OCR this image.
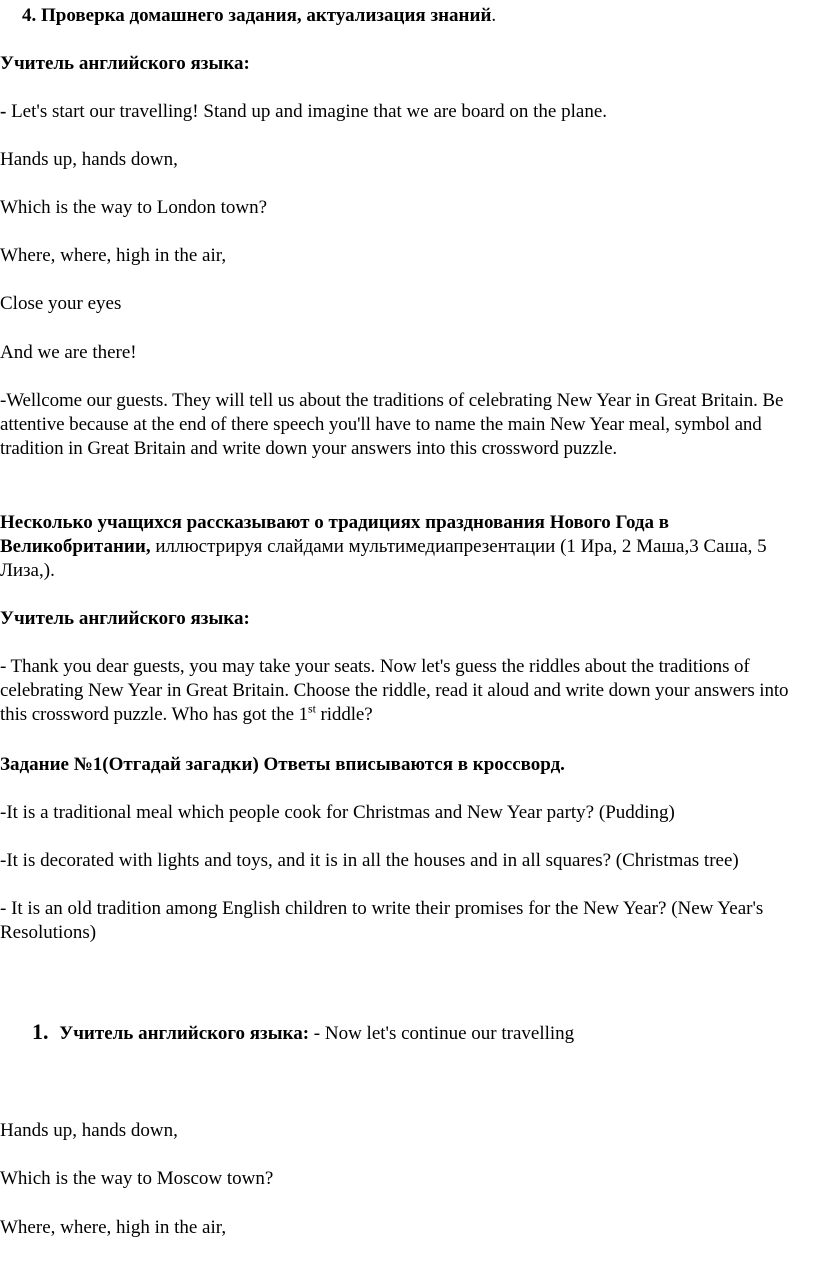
4. Проверка домашнего задания, актуализация знаний.

Учитель английского языка:

- Let's start our travelling! Stand up and imagine that we are board on the plane.

Hands up, hands down,

Which is the way to London town?

Where, where, high in the air,

Close your eyes

And we are there!

-Wellcome our guests. They will tell us about the traditions of celebrating New Year in Great Britain. Be attentive because at the end of there speech you'll have to name the main New Year meal, symbol and tradition in Great Britain and write down your answers into this crossword puzzle.

Несколько учащихся рассказывают о традициях празднования Нового Года в Великобритании, иллюстрируя слайдами мультимедиапрезентации (1 Ира, 2 Маша,3 Саша, 5 Лиза,).

Учитель английского языка:

- Thank you dear guests, you may take your seats. Now let's guess the riddles about the traditions of celebrating New Year in Great Britain. Choose the riddle, read it aloud and write down your answers into this crossword puzzle. Who has got the 1st riddle?

Задание №1(Отгадай загадки) Ответы вписываются в кроссворд.

-It is a traditional meal which people cook for Christmas and New Year party? (Pudding)

-It is decorated with lights and toys, and it is in all the houses and in all squares? (Christmas tree)

- It is an old tradition among English children to write their promises for the New Year? (New Year's Resolutions)

1. Учитель английского языка: - Now let's continue our travelling

Hands up, hands down,

Which is the way to Moscow town?

Where, where, high in the air,
